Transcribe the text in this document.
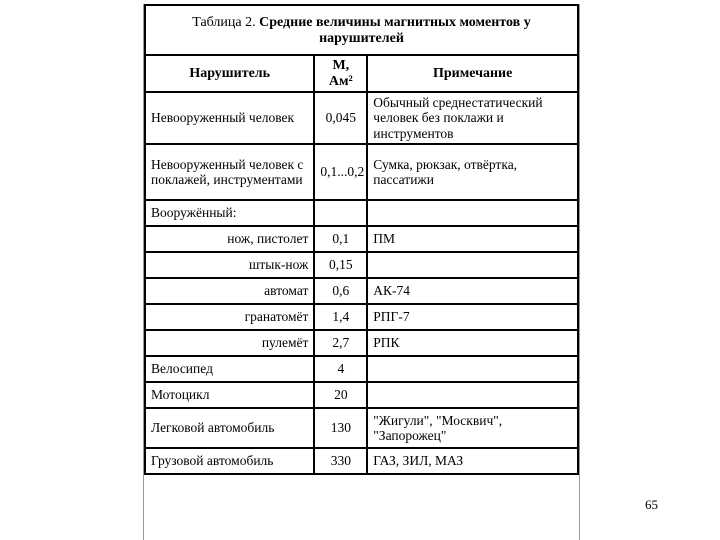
Таблица 2. Средние величины магнитных моментов у нарушителей		
Нарушитель	M, Ам²	Примечание
Невооруженный человек	0,045	Обычный среднестатический человек без поклажи и инструментов
Невооруженный человек с поклажей, инструментами	0,1...0,2	Сумка, рюкзак, отвёртка, пассатижи
Вооружённый:		
нож, пистолет	0,1	ПМ
штык-нож	0,15	
автомат	0,6	АК-74
гранатомёт	1,4	РПГ-7
пулемёт	2,7	РПК
Велосипед	4	
Мотоцикл	20	
Легковой автомобиль	130	"Жигули", "Москвич", "Запорожец"
Грузовой автомобиль	330	ГАЗ, ЗИЛ, МАЗ
65
